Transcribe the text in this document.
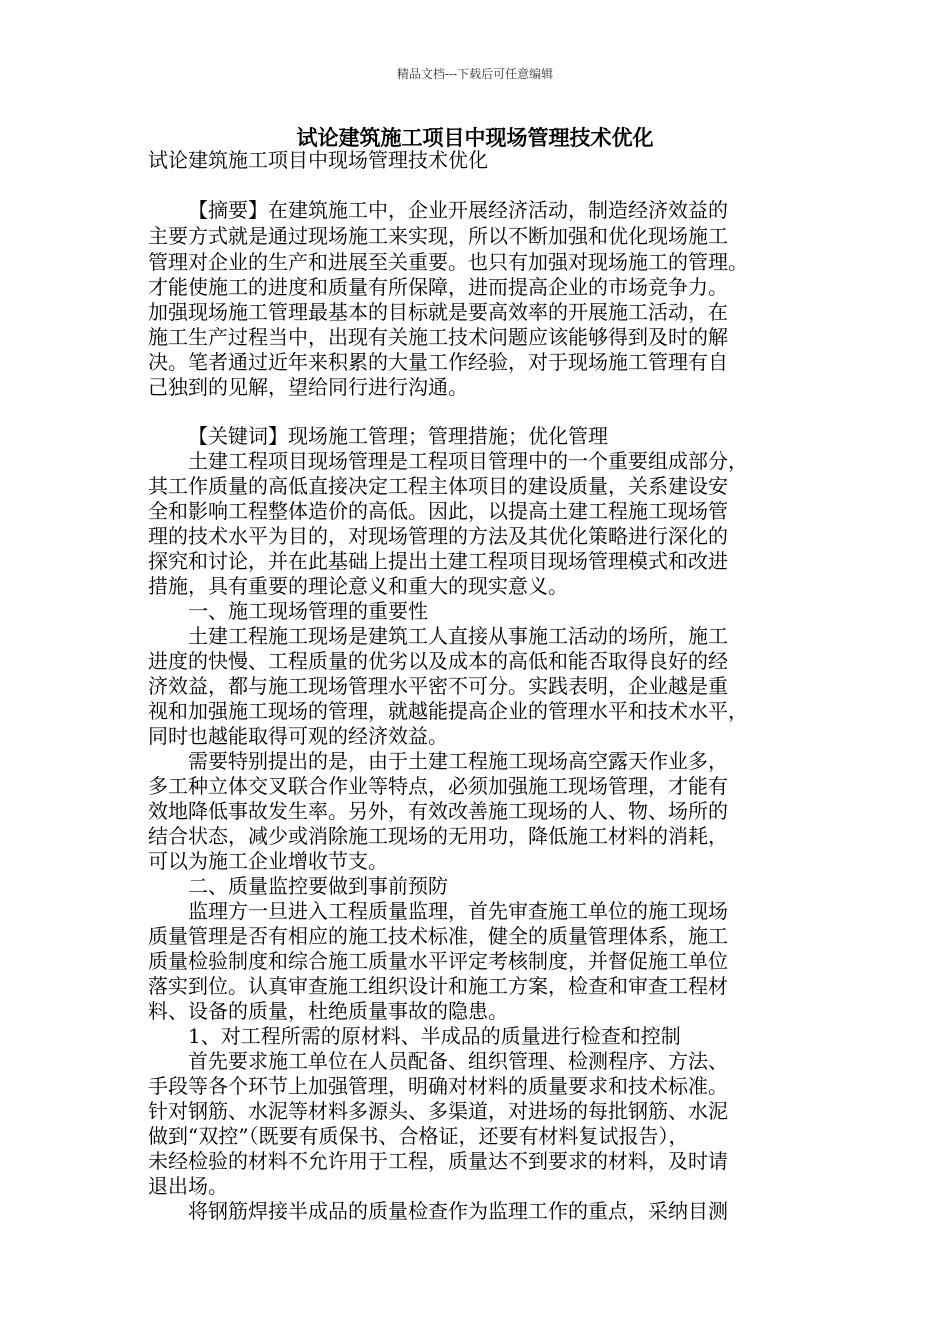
精品文档---下载后可任意编辑
试论建筑施工项目中现场管理技术优化
试论建筑施工项目中现场管理技术优化
【摘要】在建筑施工中，企业开展经济活动，制造经济效益的
主要方式就是通过现场施工来实现，所以不断加强和优化现场施工
管理对企业的生产和进展至关重要。也只有加强对现场施工的管理。
才能使施工的进度和质量有所保障，进而提高企业的市场竞争力。
加强现场施工管理最基本的目标就是要高效率的开展施工活动，在
施工生产过程当中，出现有关施工技术问题应该能够得到及时的解
决。笔者通过近年来积累的大量工作经验，对于现场施工管理有自
己独到的见解，望给同行进行沟通。
【关键词】现场施工管理；管理措施；优化管理
土建工程项目现场管理是工程项目管理中的一个重要组成部分，
其工作质量的高低直接决定工程主体项目的建设质量，关系建设安
全和影响工程整体造价的高低。因此，以提高土建工程施工现场管
理的技术水平为目的，对现场管理的方法及其优化策略进行深化的
探究和讨论，并在此基础上提出土建工程项目现场管理模式和改进
措施，具有重要的理论意义和重大的现实意义。
一、施工现场管理的重要性
土建工程施工现场是建筑工人直接从事施工活动的场所，施工
进度的快慢、工程质量的优劣以及成本的高低和能否取得良好的经
济效益，都与施工现场管理水平密不可分。实践表明，企业越是重
视和加强施工现场的管理，就越能提高企业的管理水平和技术水平，
同时也越能取得可观的经济效益。
需要特别提出的是，由于土建工程施工现场高空露天作业多，
多工种立体交叉联合作业等特点，必须加强施工现场管理，才能有
效地降低事故发生率。另外，有效改善施工现场的人、物、场所的
结合状态，减少或消除施工现场的无用功，降低施工材料的消耗，
可以为施工企业增收节支。
二、质量监控要做到事前预防
监理方一旦进入工程质量监理，首先审查施工单位的施工现场
质量管理是否有相应的施工技术标准，健全的质量管理体系，施工
质量检验制度和综合施工质量水平评定考核制度，并督促施工单位
落实到位。认真审查施工组织设计和施工方案，检查和审查工程材
料、设备的质量，杜绝质量事故的隐患。
1、对工程所需的原材料、半成品的质量进行检查和控制
首先要求施工单位在人员配备、组织管理、检测程序、方法、
手段等各个环节上加强管理，明确对材料的质量要求和技术标准。
针对钢筋、水泥等材料多源头、多渠道，对进场的每批钢筋、水泥
做到“双控”（既要有质保书、合格证，还要有材料复试报告），
未经检验的材料不允许用于工程，质量达不到要求的材料，及时请
退出场。
将钢筋焊接半成品的质量检查作为监理工作的重点，采纳目测
